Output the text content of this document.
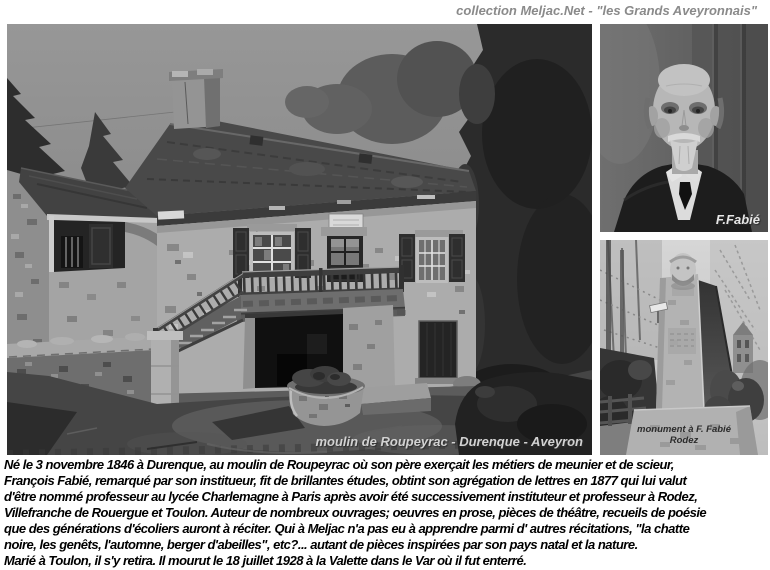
collection Meljac.Net - "les Grands Aveyronnais"
moulin de Roupeyrac - Durenque - Aveyron
F.Fabié
monument à F. Fabié
Rodez
Né le 3 novembre 1846 à Durenque, au moulin de Roupeyrac où son père exerçait les métiers de meunier et de scieur,
François Fabié, remarqué par son institueur, fit de brillantes études, obtint son agrégation de lettres en 1877 qui lui valut
d'être nommé professeur au lycée Charlemagne à Paris après avoir été successivement instituteur et professeur à Rodez,
Villefranche de Rouergue et Toulon. Auteur de nombreux ouvrages; oeuvres en prose, pièces de théâtre, recueils de poésie
que des générations d'écoliers auront à réciter. Qui à Meljac n'a pas eu à apprendre parmi d' autres récitations, "la chatte
noire, les genêts, l'automne, berger d'abeilles", etc?... autant de pièces inspirées par son pays natal et la nature.
Marié à Toulon, il s'y retira. Il mourut le 18 juillet 1928 à la Valette dans le Var où il fut enterré.
